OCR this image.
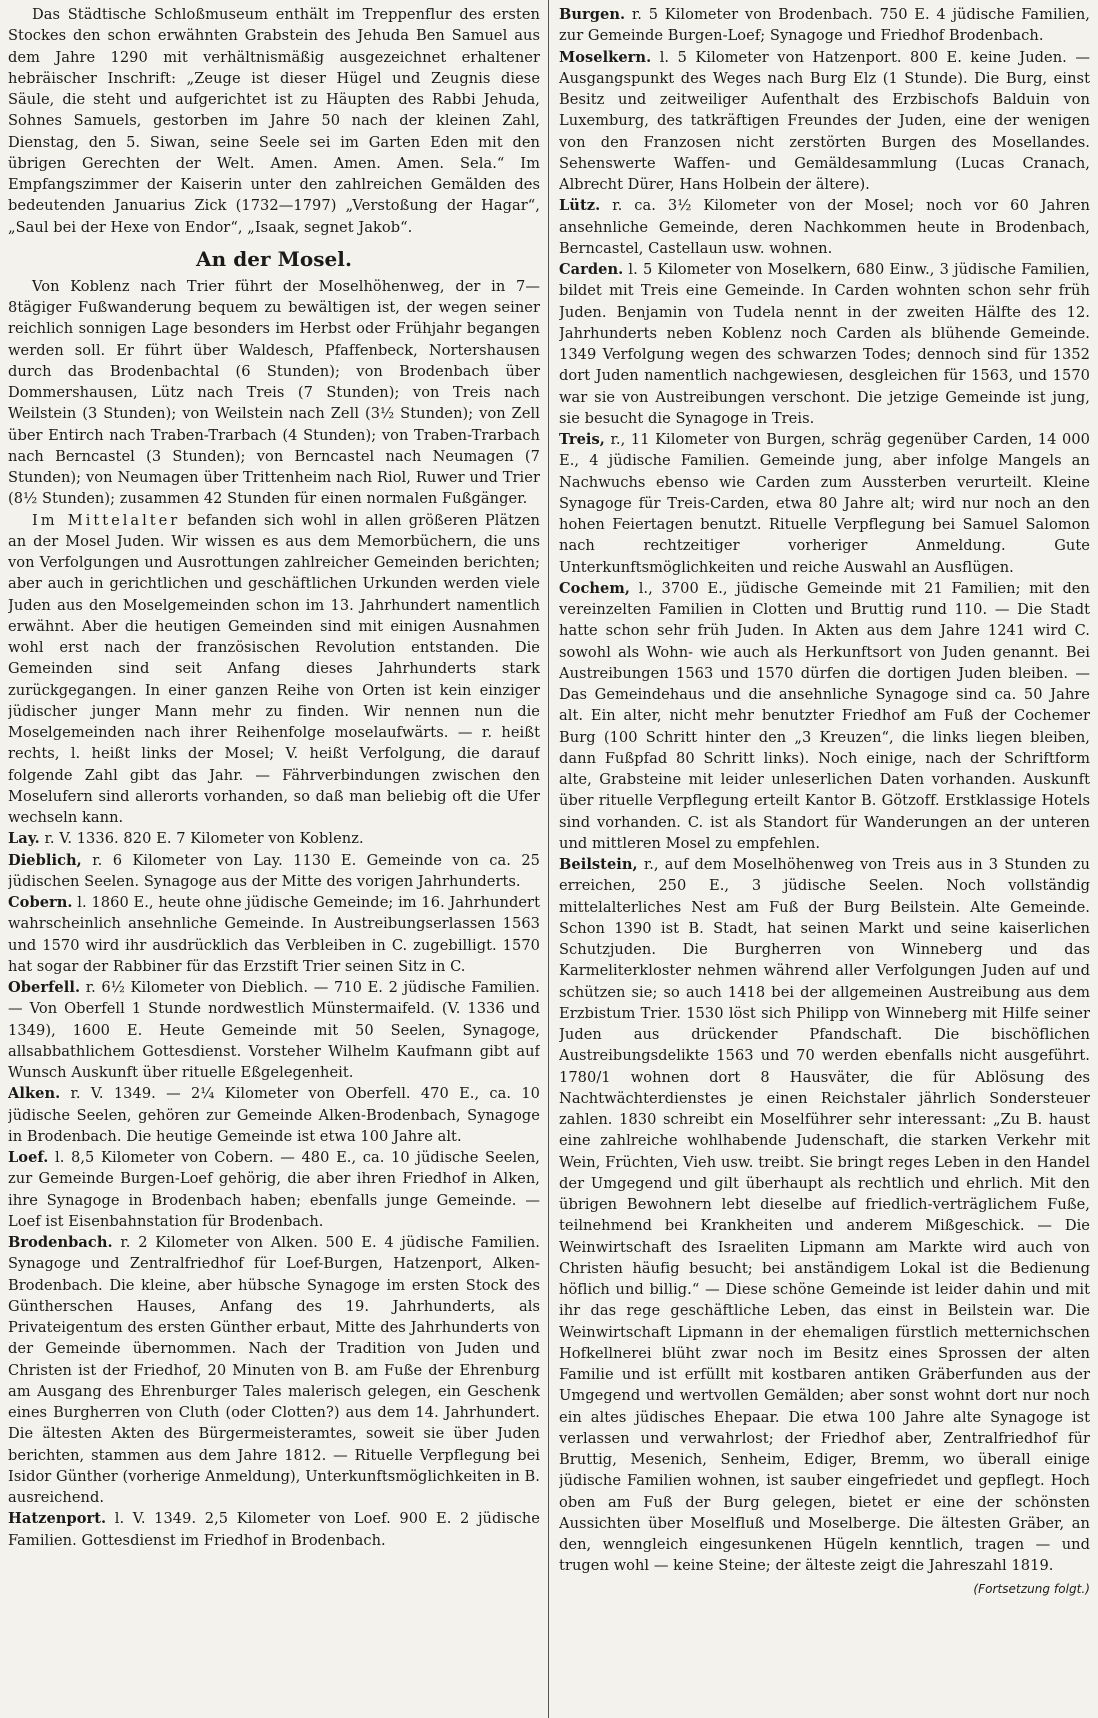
Das Städtische Schloßmuseum enthält im Treppenflur des ersten Stockes den schon erwähnten Grabstein des Jehuda Ben Samuel aus dem Jahre 1290 mit verhältnismäßig ausgezeichnet erhaltener hebräischer Inschrift: „Zeuge ist dieser Hügel und Zeugnis diese Säule, die steht und aufgerichtet ist zu Häupten des Rabbi Jehuda, Sohnes Samuels, gestorben im Jahre 50 nach der kleinen Zahl, Dienstag, den 5. Siwan, seine Seele sei im Garten Eden mit den übrigen Gerechten der Welt. Amen. Amen. Amen. Sela.“ Im Empfangszimmer der Kaiserin unter den zahlreichen Gemälden des bedeutenden Januarius Zick (1732—1797) „Verstoßung der Hagar“, „Saul bei der Hexe von Endor“, „Isaak, segnet Jakob“.

An der Mosel.

Von Koblenz nach Trier führt der Moselhöhenweg, der in 7—8tägiger Fußwanderung bequem zu bewältigen ist, der wegen seiner reichlich sonnigen Lage besonders im Herbst oder Frühjahr begangen werden soll. Er führt über Waldesch, Pfaffenbeck, Nortershausen durch das Brodenbachtal (6 Stunden); von Brodenbach über Dommershausen, Lütz nach Treis (7 Stunden); von Treis nach Weilstein (3 Stunden); von Weilstein nach Zell (3½ Stunden); von Zell über Entirch nach Traben-Trarbach (4 Stunden); von Traben-Trarbach nach Berncastel (3 Stunden); von Berncastel nach Neumagen (7 Stunden); von Neumagen über Trittenheim nach Riol, Ruwer und Trier (8½ Stunden); zusammen 42 Stunden für einen normalen Fußgänger.

Im Mittelalter befanden sich wohl in allen größeren Plätzen an der Mosel Juden. Wir wissen es aus dem Memorbüchern, die uns von Verfolgungen und Ausrottungen zahlreicher Gemeinden berichten; aber auch in gerichtlichen und geschäftlichen Urkunden werden viele Juden aus den Moselgemeinden schon im 13. Jahrhundert namentlich erwähnt. Aber die heutigen Gemeinden sind mit einigen Ausnahmen wohl erst nach der französischen Revolution entstanden. Die Gemeinden sind seit Anfang dieses Jahrhunderts stark zurückgegangen. In einer ganzen Reihe von Orten ist kein einziger jüdischer junger Mann mehr zu finden. Wir nennen nun die Moselgemeinden nach ihrer Reihenfolge moselaufwärts. — r. heißt rechts, l. heißt links der Mosel; V. heißt Verfolgung, die darauf folgende Zahl gibt das Jahr. — Fährverbindungen zwischen den Moselufern sind allerorts vorhanden, so daß man beliebig oft die Ufer wechseln kann.

Lay. r. V. 1336. 820 E. 7 Kilometer von Koblenz.

Dieblich, r. 6 Kilometer von Lay. 1130 E. Gemeinde von ca. 25 jüdischen Seelen. Synagoge aus der Mitte des vorigen Jahrhunderts.

Cobern. l. 1860 E., heute ohne jüdische Gemeinde; im 16. Jahrhundert wahrscheinlich ansehnliche Gemeinde. In Austreibungserlassen 1563 und 1570 wird ihr ausdrücklich das Verbleiben in C. zugebilligt. 1570 hat sogar der Rabbiner für das Erzstift Trier seinen Sitz in C.

Oberfell. r. 6½ Kilometer von Dieblich. — 710 E. 2 jüdische Familien. — Von Oberfell 1 Stunde nordwestlich Münstermaifeld. (V. 1336 und 1349), 1600 E. Heute Gemeinde mit 50 Seelen, Synagoge, allsabbathlichem Gottesdienst. Vorsteher Wilhelm Kaufmann gibt auf Wunsch Auskunft über rituelle Eßgelegenheit.

Alken. r. V. 1349. — 2¼ Kilometer von Oberfell. 470 E., ca. 10 jüdische Seelen, gehören zur Gemeinde Alken-Brodenbach, Synagoge in Brodenbach. Die heutige Gemeinde ist etwa 100 Jahre alt.

Loef. l. 8,5 Kilometer von Cobern. — 480 E., ca. 10 jüdische Seelen, zur Gemeinde Burgen-Loef gehörig, die aber ihren Friedhof in Alken, ihre Synagoge in Brodenbach haben; ebenfalls junge Gemeinde. — Loef ist Eisenbahnstation für Brodenbach.

Brodenbach. r. 2 Kilometer von Alken. 500 E. 4 jüdische Familien. Synagoge und Zentralfriedhof für Loef-Burgen, Hatzenport, Alken-Brodenbach. Die kleine, aber hübsche Synagoge im ersten Stock des Güntherschen Hauses, Anfang des 19. Jahrhunderts, als Privateigentum des ersten Günther erbaut, Mitte des Jahrhunderts von der Gemeinde übernommen. Nach der Tradition von Juden und Christen ist der Friedhof, 20 Minuten von B. am Fuße der Ehrenburg am Ausgang des Ehrenburger Tales malerisch gelegen, ein Geschenk eines Burgherren von Cluth (oder Clotten?) aus dem 14. Jahrhundert. Die ältesten Akten des Bürgermeisteramtes, soweit sie über Juden berichten, stammen aus dem Jahre 1812. — Rituelle Verpflegung bei Isidor Günther (vorherige Anmeldung), Unterkunftsmöglichkeiten in B. ausreichend.

Hatzenport. l. V. 1349. 2,5 Kilometer von Loef. 900 E. 2 jüdische Familien. Gottesdienst im Friedhof in Brodenbach.

Burgen. r. 5 Kilometer von Brodenbach. 750 E. 4 jüdische Familien, zur Gemeinde Burgen-Loef; Synagoge und Friedhof Brodenbach.

Moselkern. l. 5 Kilometer von Hatzenport. 800 E. keine Juden. — Ausgangspunkt des Weges nach Burg Elz (1 Stunde). Die Burg, einst Besitz und zeitweiliger Aufenthalt des Erzbischofs Balduin von Luxemburg, des tatkräftigen Freundes der Juden, eine der wenigen von den Franzosen nicht zerstörten Burgen des Mosellandes. Sehenswerte Waffen- und Gemäldesammlung (Lucas Cranach, Albrecht Dürer, Hans Holbein der ältere).

Lütz. r. ca. 3½ Kilometer von der Mosel; noch vor 60 Jahren ansehnliche Gemeinde, deren Nachkommen heute in Brodenbach, Berncastel, Castellaun usw. wohnen.

Carden. l. 5 Kilometer von Moselkern, 680 Einw., 3 jüdische Familien, bildet mit Treis eine Gemeinde. In Carden wohnten schon sehr früh Juden. Benjamin von Tudela nennt in der zweiten Hälfte des 12. Jahrhunderts neben Koblenz noch Carden als blühende Gemeinde. 1349 Verfolgung wegen des schwarzen Todes; dennoch sind für 1352 dort Juden namentlich nachgewiesen, desgleichen für 1563, und 1570 war sie von Austreibungen verschont. Die jetzige Gemeinde ist jung, sie besucht die Synagoge in Treis.

Treis, r., 11 Kilometer von Burgen, schräg gegenüber Carden, 14 000 E., 4 jüdische Familien. Gemeinde jung, aber infolge Mangels an Nachwuchs ebenso wie Carden zum Aussterben verurteilt. Kleine Synagoge für Treis-Carden, etwa 80 Jahre alt; wird nur noch an den hohen Feiertagen benutzt. Rituelle Verpflegung bei Samuel Salomon nach rechtzeitiger vorheriger Anmeldung. Gute Unterkunftsmöglichkeiten und reiche Auswahl an Ausflügen.

Cochem, l., 3700 E., jüdische Gemeinde mit 21 Familien; mit den vereinzelten Familien in Clotten und Bruttig rund 110. — Die Stadt hatte schon sehr früh Juden. In Akten aus dem Jahre 1241 wird C. sowohl als Wohn- wie auch als Herkunftsort von Juden genannt. Bei Austreibungen 1563 und 1570 dürfen die dortigen Juden bleiben. — Das Gemeindehaus und die ansehnliche Synagoge sind ca. 50 Jahre alt. Ein alter, nicht mehr benutzter Friedhof am Fuß der Cochemer Burg (100 Schritt hinter den „3 Kreuzen“, die links liegen bleiben, dann Fußpfad 80 Schritt links). Noch einige, nach der Schriftform alte, Grabsteine mit leider unleserlichen Daten vorhanden. Auskunft über rituelle Verpflegung erteilt Kantor B. Götzoff. Erstklassige Hotels sind vorhanden. C. ist als Standort für Wanderungen an der unteren und mittleren Mosel zu empfehlen.

Beilstein, r., auf dem Moselhöhenweg von Treis aus in 3 Stunden zu erreichen, 250 E., 3 jüdische Seelen. Noch vollständig mittelalterliches Nest am Fuß der Burg Beilstein. Alte Gemeinde. Schon 1390 ist B. Stadt, hat seinen Markt und seine kaiserlichen Schutzjuden. Die Burgherren von Winneberg und das Karmeliterkloster nehmen während aller Verfolgungen Juden auf und schützen sie; so auch 1418 bei der allgemeinen Austreibung aus dem Erzbistum Trier. 1530 löst sich Philipp von Winneberg mit Hilfe seiner Juden aus drückender Pfandschaft. Die bischöflichen Austreibungsdelikte 1563 und 70 werden ebenfalls nicht ausgeführt. 1780/1 wohnen dort 8 Hausväter, die für Ablösung des Nachtwächterdienstes je einen Reichstaler jährlich Sondersteuer zahlen. 1830 schreibt ein Moselführer sehr interessant: „Zu B. haust eine zahlreiche wohlhabende Judenschaft, die starken Verkehr mit Wein, Früchten, Vieh usw. treibt. Sie bringt reges Leben in den Handel der Umgegend und gilt überhaupt als rechtlich und ehrlich. Mit den übrigen Bewohnern lebt dieselbe auf friedlich-verträglichem Fuße, teilnehmend bei Krankheiten und anderem Mißgeschick. — Die Weinwirtschaft des Israeliten Lipmann am Markte wird auch von Christen häufig besucht; bei anständigem Lokal ist die Bedienung höflich und billig.“ — Diese schöne Gemeinde ist leider dahin und mit ihr das rege geschäftliche Leben, das einst in Beilstein war. Die Weinwirtschaft Lipmann in der ehemaligen fürstlich metternichschen Hofkellnerei blüht zwar noch im Besitz eines Sprossen der alten Familie und ist erfüllt mit kostbaren antiken Gräberfunden aus der Umgegend und wertvollen Gemälden; aber sonst wohnt dort nur noch ein altes jüdisches Ehepaar. Die etwa 100 Jahre alte Synagoge ist verlassen und verwahrlost; der Friedhof aber, Zentralfriedhof für Bruttig, Mesenich, Senheim, Ediger, Bremm, wo überall einige jüdische Familien wohnen, ist sauber eingefriedet und gepflegt. Hoch oben am Fuß der Burg gelegen, bietet er eine der schönsten Aussichten über Moselfluß und Moselberge. Die ältesten Gräber, an den, wenngleich eingesunkenen Hügeln kenntlich, tragen — und trugen wohl — keine Steine; der älteste zeigt die Jahreszahl 1819.

(Fortsetzung folgt.)
